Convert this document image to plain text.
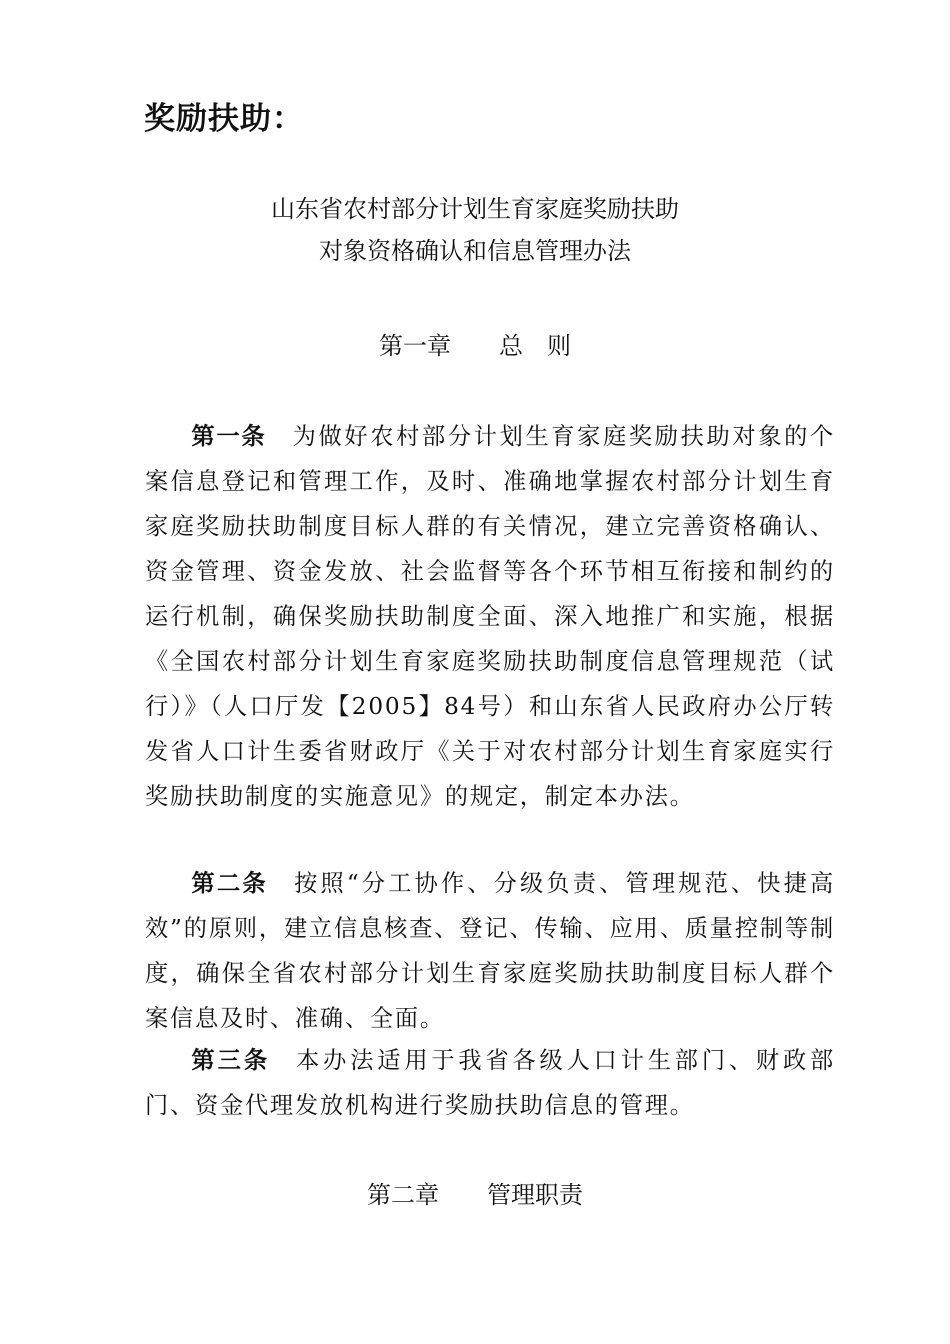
奖励扶助：
山东省农村部分计划生育家庭奖励扶助
对象资格确认和信息管理办法
第一章　　总　则
第一条 为做好农村部分计划生育家庭奖励扶助对象的个案信息登记和管理工作，及时、准确地掌握农村部分计划生育家庭奖励扶助制度目标人群的有关情况，建立完善资格确认、资金管理、资金发放、社会监督等各个环节相互衔接和制约的运行机制，确保奖励扶助制度全面、深入地推广和实施，根据《全国农村部分计划生育家庭奖励扶助制度信息管理规范（试行）》（人口厅发【2005】84号）和山东省人民政府办公厅转发省人口计生委省财政厅《关于对农村部分计划生育家庭实行奖励扶助制度的实施意见》的规定，制定本办法。
第二条 按照“分工协作、分级负责、管理规范、快捷高效”的原则，建立信息核查、登记、传输、应用、质量控制等制度，确保全省农村部分计划生育家庭奖励扶助制度目标人群个案信息及时、准确、全面。
第三条 本办法适用于我省各级人口计生部门、财政部门、资金代理发放机构进行奖励扶助信息的管理。
第二章　　管理职责
